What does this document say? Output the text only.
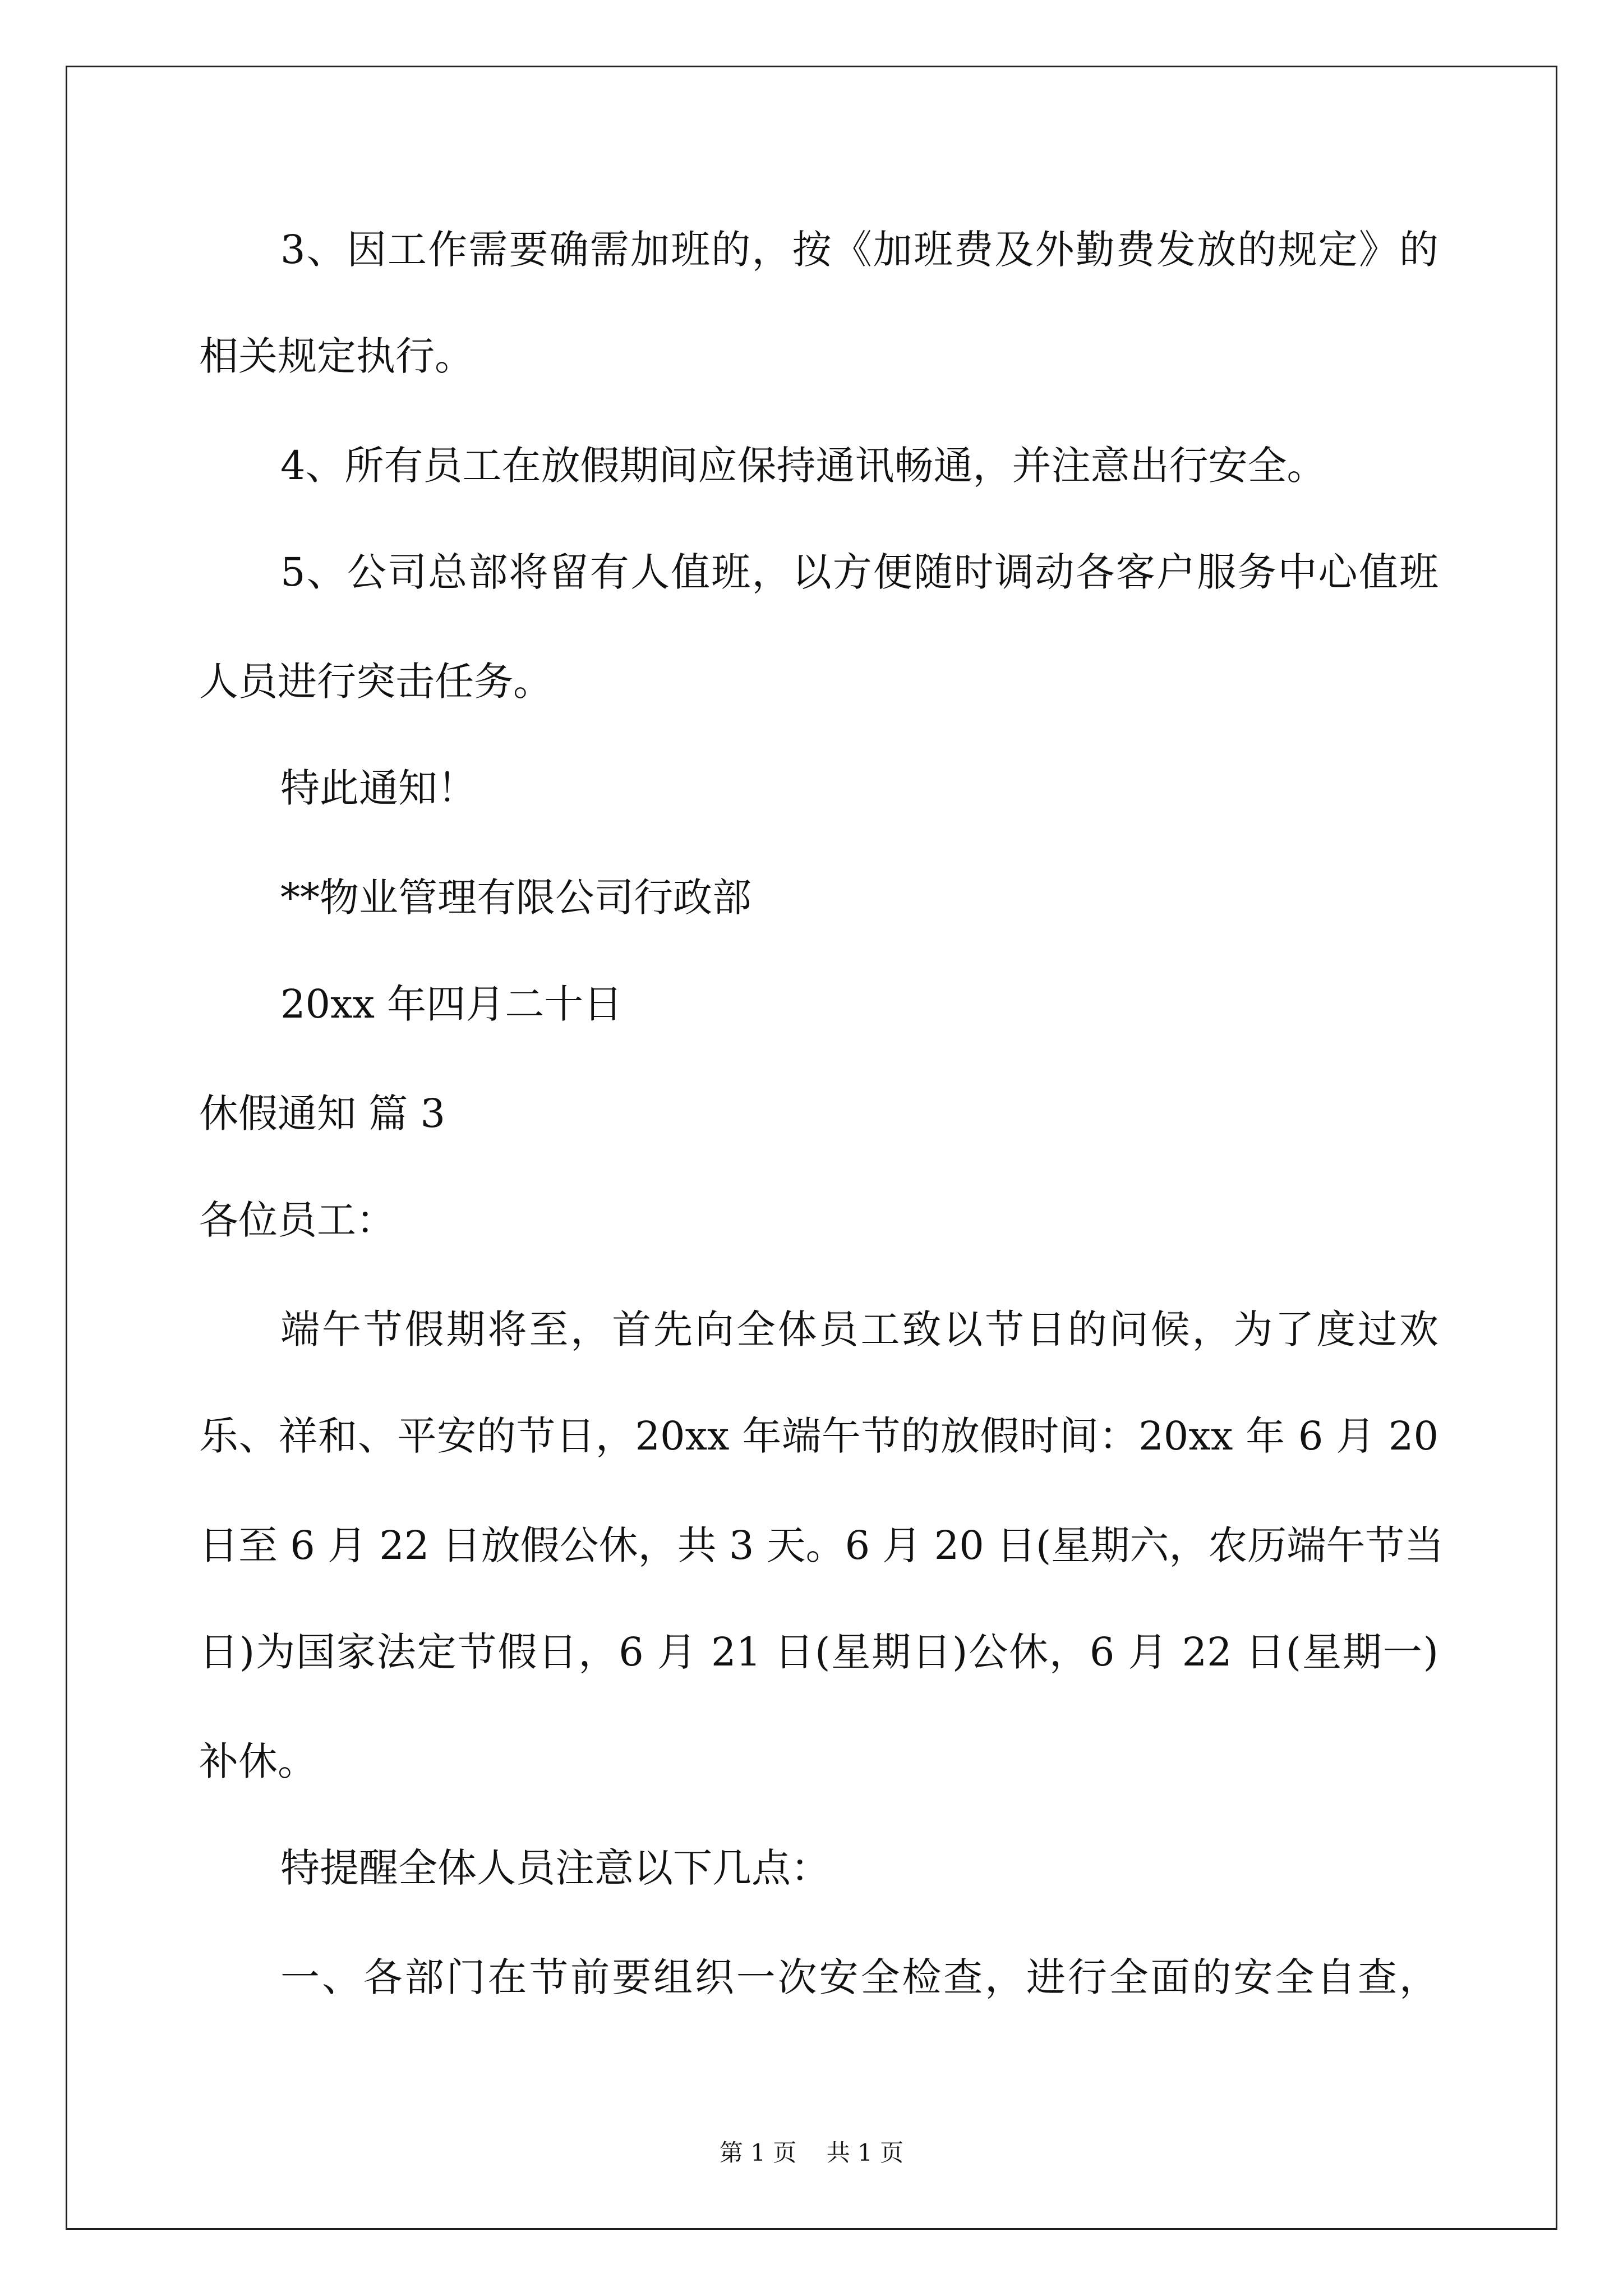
3、因工作需要确需加班的，按《加班费及外勤费发放的规定》的

相关规定执行。

4、所有员工在放假期间应保持通讯畅通，并注意出行安全。

5、公司总部将留有人值班，以方便随时调动各客户服务中心值班

人员进行突击任务。

特此通知！

**物业管理有限公司行政部

20xx 年四月二十日

休假通知 篇 3

各位员工：

端午节假期将至，首先向全体员工致以节日的问候，为了度过欢

乐、祥和、平安的节日，20xx 年端午节的放假时间：20xx 年 6 月 20

日至 6 月 22 日放假公休，共 3 天。6 月 20 日(星期六，农历端午节当

日)为国家法定节假日，6 月 21 日(星期日)公休，6 月 22 日(星期一)

补休。

特提醒全体人员注意以下几点：

一、各部门在节前要组织一次安全检查，进行全面的安全自查，

第 1 页    共 1 页
